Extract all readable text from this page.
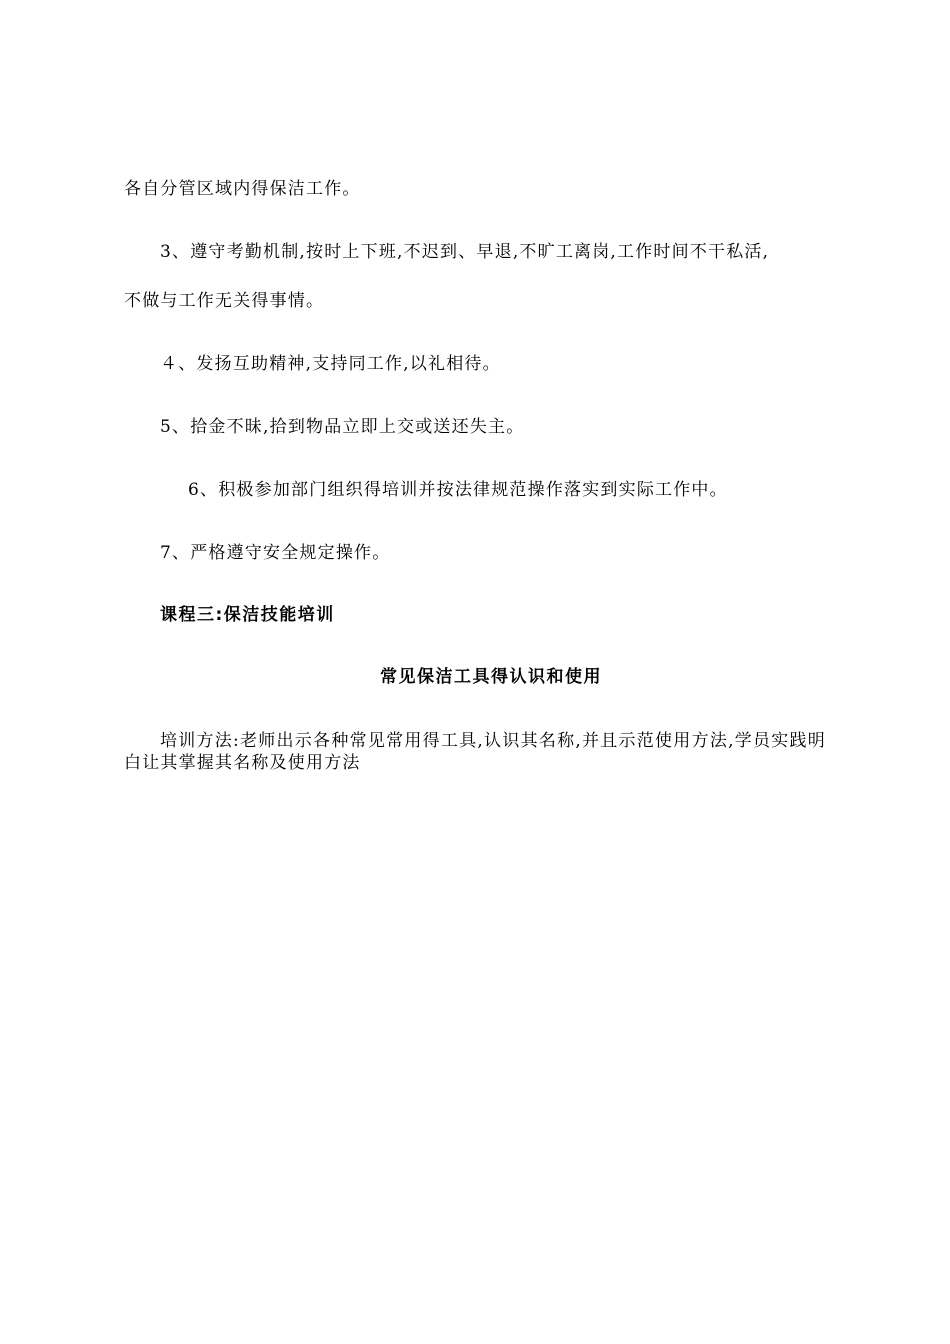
各自分管区域内得保洁工作。
3、遵守考勤机制,按时上下班,不迟到、早退,不旷工离岗,工作时间不干私活,
不做与工作无关得事情。
４、发扬互助精神,支持同工作,以礼相待。
5、拾金不昧,拾到物品立即上交或送还失主。
6、积极参加部门组织得培训并按法律规范操作落实到实际工作中。
7、严格遵守安全规定操作。
课程三:保洁技能培训
常见保洁工具得认识和使用
培训方法:老师出示各种常见常用得工具,认识其名称,并且示范使用方法,学员实践明白让其掌握其名称及使用方法
